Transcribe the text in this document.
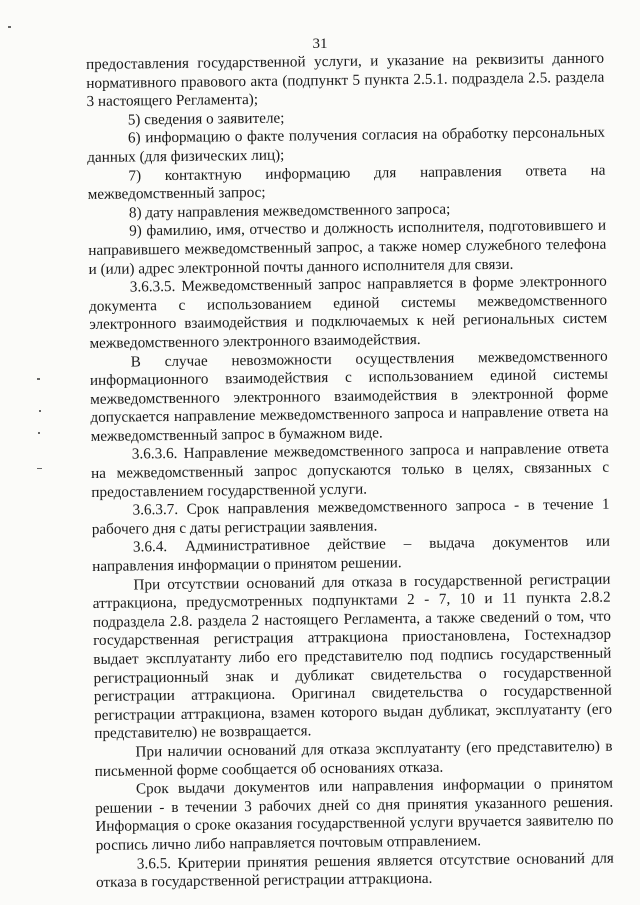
31

предоставления государственной услуги, и указание на реквизиты данного нормативного правового акта (подпункт 5 пункта 2.5.1. подраздела 2.5. раздела 3 настоящего Регламента);

5) сведения о заявителе;

6) информацию о факте получения согласия на обработку персональных данных (для физических лиц);

7) контактную информацию для направления ответа на межведомственный запрос;

8) дату направления межведомственного запроса;

9) фамилию, имя, отчество и должность исполнителя, подготовившего и направившего межведомственный запрос, а также номер служебного телефона и (или) адрес электронной почты данного исполнителя для связи.

3.6.3.5. Межведомственный запрос направляется в форме электронного документа с использованием единой системы межведомственного электронного взаимодействия и подключаемых к ней региональных систем межведомственного электронного взаимодействия.

В случае невозможности осуществления межведомственного информационного взаимодействия с использованием единой системы межведомственного электронного взаимодействия в электронной форме допускается направление межведомственного запроса и направление ответа на межведомственный запрос в бумажном виде.

3.6.3.6. Направление межведомственного запроса и направление ответа на межведомственный запрос допускаются только в целях, связанных с предоставлением государственной услуги.

3.6.3.7. Срок направления межведомственного запроса - в течение 1 рабочего дня с даты регистрации заявления.

3.6.4. Административное действие – выдача документов или направления информации о принятом решении.

При отсутствии оснований для отказа в государственной регистрации аттракциона, предусмотренных подпунктами 2 - 7, 10 и 11 пункта 2.8.2 подраздела 2.8. раздела 2 настоящего Регламента, а также сведений о том, что государственная регистрация аттракциона приостановлена, Гостехнадзор выдает эксплуатанту либо его представителю под подпись государственный регистрационный знак и дубликат свидетельства о государственной регистрации аттракциона. Оригинал свидетельства о государственной регистрации аттракциона, взамен которого выдан дубликат, эксплуатанту (его представителю) не возвращается.

При наличии оснований для отказа эксплуатанту (его представителю) в письменной форме сообщается об основаниях отказа.

Срок выдачи документов или направления информации о принятом решении - в течении 3 рабочих дней со дня принятия указанного решения. Информация о сроке оказания государственной услуги вручается заявителю по роспись лично либо направляется почтовым отправлением.

3.6.5. Критерии принятия решения является отсутствие оснований для отказа в государственной регистрации аттракциона.
